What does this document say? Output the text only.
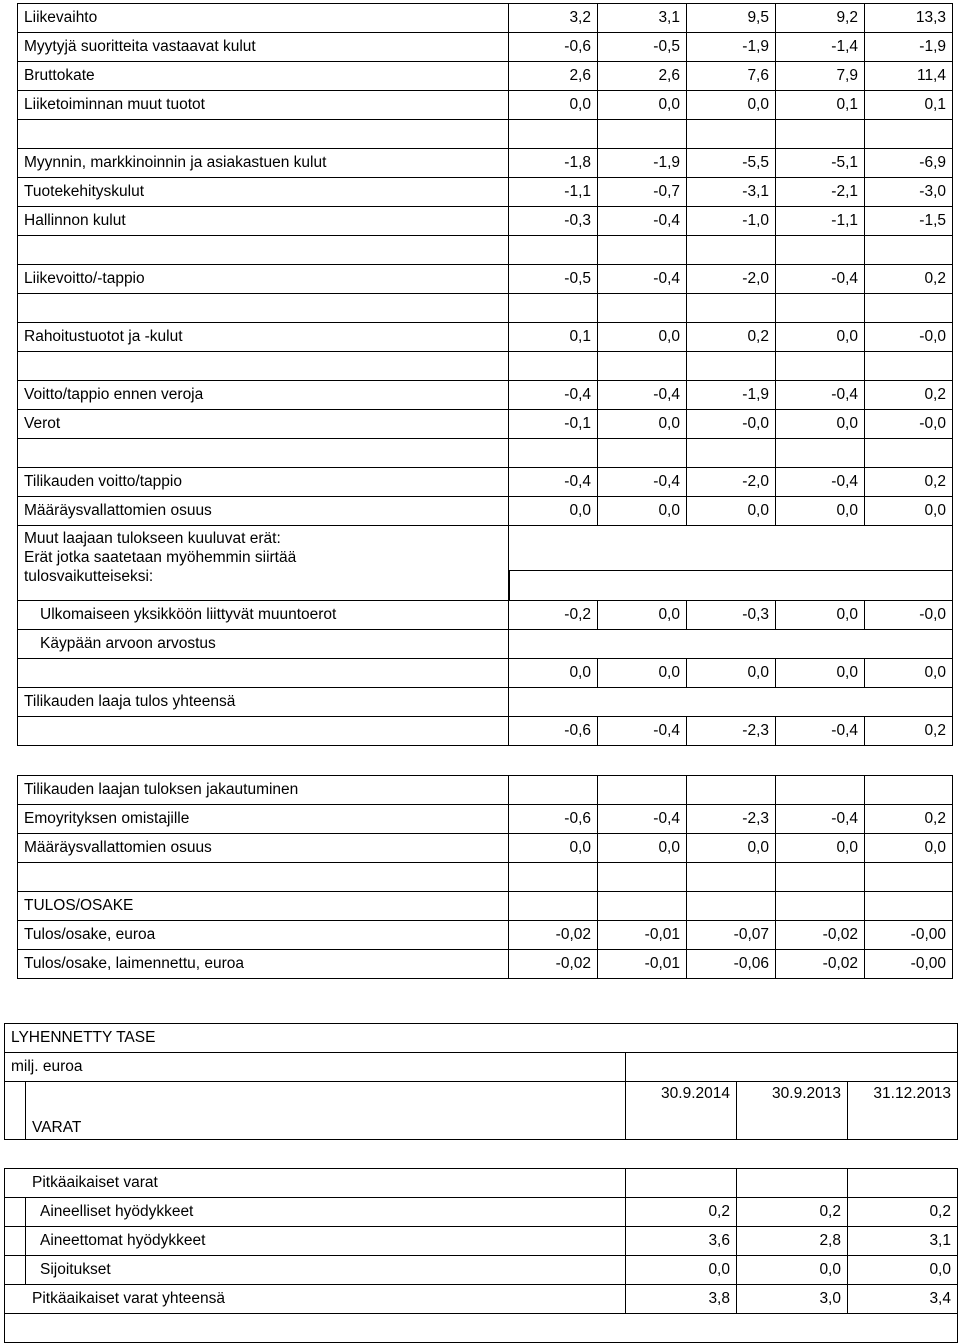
Liikevaihto	3,2	3,1	9,5	9,2	13,3
Myytyjä suoritteita vastaavat kulut	-0,6	-0,5	-1,9	-1,4	-1,9
Bruttokate	2,6	2,6	7,6	7,9	11,4
Liiketoiminnan muut tuotot	0,0	0,0	0,0	0,1	0,1

Myynnin, markkinoinnin ja asiakastuen kulut	-1,8	-1,9	-5,5	-5,1	-6,9
Tuotekehityskulut	-1,1	-0,7	-3,1	-2,1	-3,0
Hallinnon kulut	-0,3	-0,4	-1,0	-1,1	-1,5

Liikevoitto/-tappio	-0,5	-0,4	-2,0	-0,4	0,2

Rahoitustuotot ja -kulut	0,1	0,0	0,2	0,0	-0,0

Voitto/tappio ennen veroja	-0,4	-0,4	-1,9	-0,4	0,2
Verot	-0,1	0,0	-0,0	0,0	-0,0

Tilikauden voitto/tappio	-0,4	-0,4	-2,0	-0,4	0,2
Määräysvallattomien osuus	0,0	0,0	0,0	0,0	0,0

Muut laajaan tulokseen kuuluvat erät:
Erät jotka saatetaan myöhemmin siirtää
tulosvaikutteiseksi:					

Ulkomaiseen yksikköön liittyvät muuntoerot	-0,2	0,0	-0,3	0,0	-0,0
Käypään arvoon arvostus					
	0,0	0,0	0,0	0,0	0,0
Tilikauden laaja tulos yhteensä					
	-0,6	-0,4	-2,3	-0,4	0,2

Tilikauden laajan tuloksen jakautuminen					
Emoyrityksen omistajille	-0,6	-0,4	-2,3	-0,4	0,2
Määräysvallattomien osuus	0,0	0,0	0,0	0,0	0,0

TULOS/OSAKE					
Tulos/osake, euroa	-0,02	-0,01	-0,07	-0,02	-0,00
Tulos/osake, laimennettu, euroa	-0,02	-0,01	-0,06	-0,02	-0,00
LYHENNETTY TASE				
milj. euroa				
	VARAT	30.9.2014	30.9.2013	31.12.2013

Pitkäaikaiset varat				
	Aineelliset hyödykkeet	0,2	0,2	0,2
	Aineettomat hyödykkeet	3,6	2,8	3,1
	Sijoitukset	0,0	0,0	0,0
Pitkäaikaiset varat yhteensä		3,8	3,0	3,4
